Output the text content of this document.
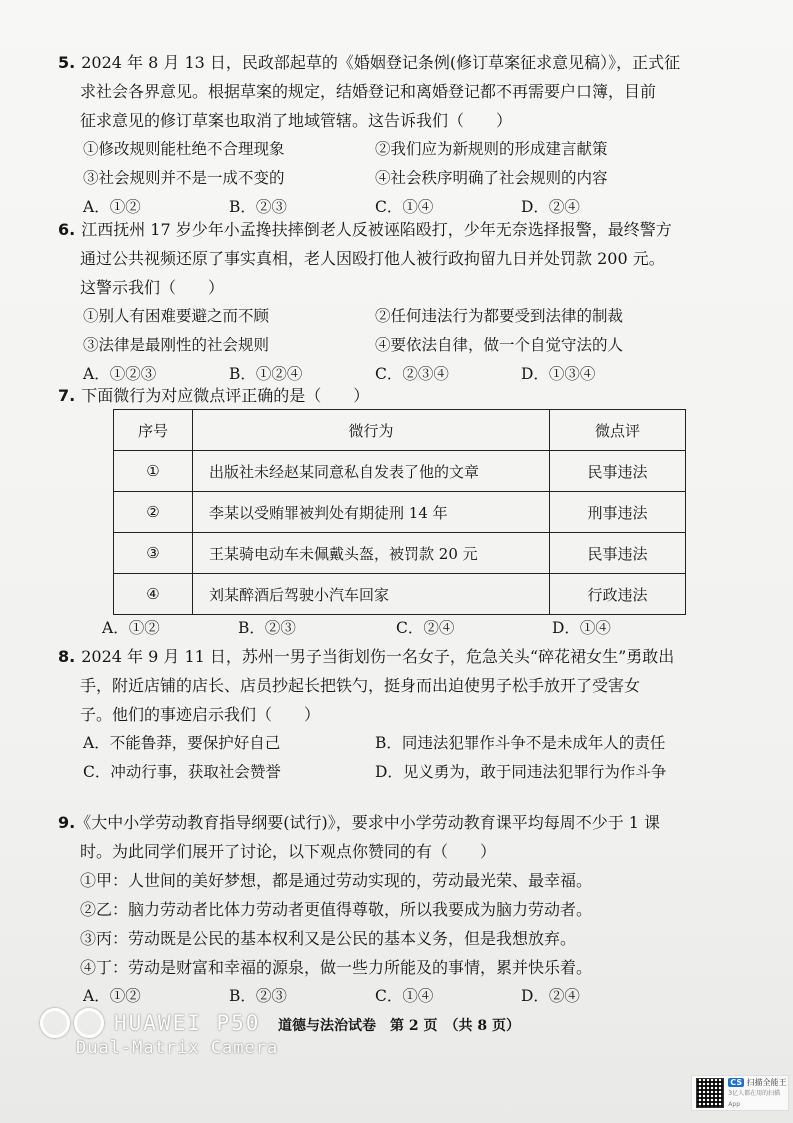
5. 2024 年 8 月 13 日，民政部起草的《婚姻登记条例(修订草案征求意见稿）》，正式征
求社会各界意见。根据草案的规定，结婚登记和离婚登记都不再需要户口簿，目前
征求意见的修订草案也取消了地域管辖。这告诉我们（　　）
①修改规则能杜绝不合理现象	②我们应为新规则的形成建言献策
③社会规则并不是一成不变的	④社会秩序明确了社会规则的内容
A．①②	B．②③	C．①④	D．②④
6. 江西抚州 17 岁少年小孟搀扶摔倒老人反被诬陷殴打，少年无奈选择报警，最终警方
通过公共视频还原了事实真相，老人因殴打他人被行政拘留九日并处罚款 200 元。
这警示我们（　　）
①别人有困难要避之而不顾	②任何违法行为都要受到法律的制裁
③法律是最刚性的社会规则	④要依法自律，做一个自觉守法的人
A．①②③	B．①②④	C．②③④	D．①③④
7. 下面微行为对应微点评正确的是（　　）
序号	微行为	微点评
①	出版社未经赵某同意私自发表了他的文章	民事违法
②	李某以受贿罪被判处有期徒刑 14 年	刑事违法
③	王某骑电动车未佩戴头盔，被罚款 20 元	民事违法
④	刘某醉酒后驾驶小汽车回家	行政违法
A．①②	B．②③	C．②④	D．①④
8. 2024 年 9 月 11 日，苏州一男子当街划伤一名女子，危急关头“碎花裙女生”勇敢出
手，附近店铺的店长、店员抄起长把铁勺，挺身而出迫使男子松手放开了受害女
子。他们的事迹启示我们（　　）
A．不能鲁莽，要保护好自己	B．同违法犯罪作斗争不是未成年人的责任
C．冲动行事，获取社会赞誉	D．见义勇为，敢于同违法犯罪行为作斗争
9.《大中小学劳动教育指导纲要(试行)》，要求中小学劳动教育课平均每周不少于 1 课
时。为此同学们展开了讨论，以下观点你赞同的有（　　）
①甲：人世间的美好梦想，都是通过劳动实现的，劳动最光荣、最幸福。
②乙：脑力劳动者比体力劳动者更值得尊敬，所以我要成为脑力劳动者。
③丙：劳动既是公民的基本权利又是公民的基本义务，但是我想放弃。
④丁：劳动是财富和幸福的源泉，做一些力所能及的事情，累并快乐着。
A．①②	B．②③	C．①④	D．②④
HUAWEI P50
Dual-Matrix Camera
道德与法治试卷　第 2 页　（共 8 页）
CS 扫描全能王
3亿人都在用的扫描App
